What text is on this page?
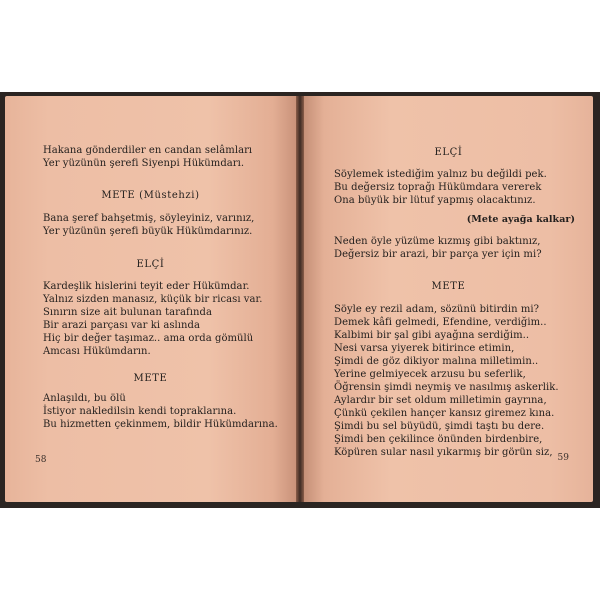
Hakana gönderdiler en candan selâmları
Yer yüzünün şerefi Siyenpi Hükümdarı.
METE (Müstehzi)
Bana şeref bahşetmiş, söyleyiniz, varınız,
Yer yüzünün şerefi büyük Hükümdarınız.
ELÇİ
Kardeşlik hislerini teyit eder Hükümdar.
Yalnız sizden manasız, küçük bir ricası var.
Sınırın size ait bulunan tarafında
Bir arazi parçası var ki aslında
Hiç bir değer taşımaz.. ama orda gömülü
Amcası Hükümdarın.
METE
Anlaşıldı, bu ölü
İstiyor nakledilsin kendi topraklarına.
Bu hizmetten çekinmem, bildir Hükümdarına.
58
ELÇİ
Söylemek istediğim yalnız bu değildi pek.
Bu değersiz toprağı Hükümdara vererek
Ona büyük bir lütuf yapmış olacaktınız.
(Mete ayağa kalkar)
Neden öyle yüzüme kızmış gibi baktınız,
Değersiz bir arazi, bir parça yer için mi?
METE
Söyle ey rezil adam, sözünü bitirdin mi?
Demek kâfi gelmedi, Efendine, verdiğim..
Kalbimi bir şal gibi ayağına serdiğim..
Nesi varsa yiyerek bitirince etimin,
Şimdi de göz dikiyor malına milletimin..
Yerine gelmiyecek arzusu bu seferlik,
Öğrensin şimdi neymiş ve nasılmış askerlik.
Aylardır bir set oldum milletimin gayrına,
Çünkü çekilen hançer kansız giremez kına.
Şimdi bu sel büyüdü, şimdi taştı bu dere.
Şimdi ben çekilince önünden birdenbire,
Köpüren sular nasıl yıkarmış bir görün siz, 59
